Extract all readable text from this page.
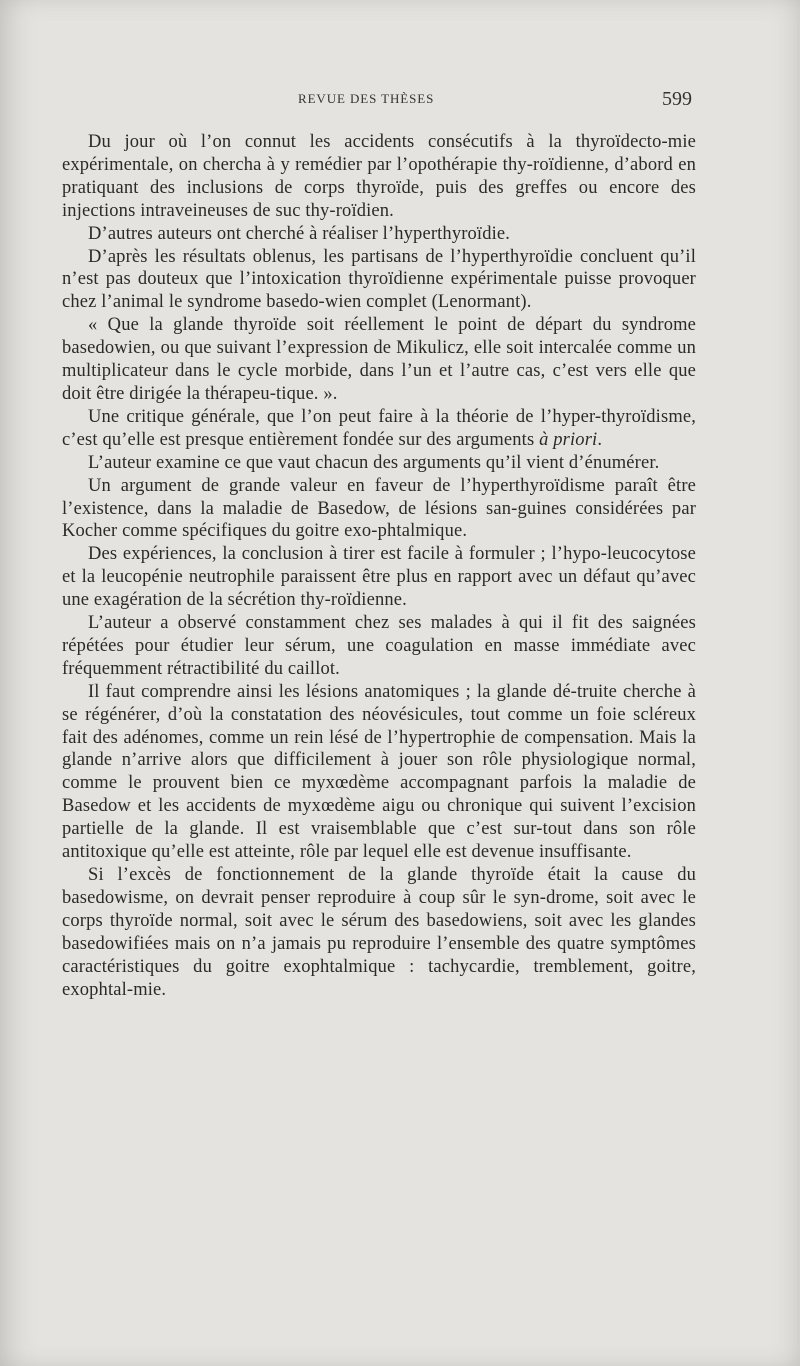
REVUE DES THÈSES	599

Du jour où l’on connut les accidents consécutifs à la thyroïdecto-mie expérimentale, on chercha à y remédier par l’opothérapie thy-roïdienne, d’abord en pratiquant des inclusions de corps thyroïde, puis des greffes ou encore des injections intraveineuses de suc thy-roïdien.

D’autres auteurs ont cherché à réaliser l’hyperthyroïdie.

D’après les résultats oblenus, les partisans de l’hyperthyroïdie concluent qu’il n’est pas douteux que l’intoxication thyroïdienne expérimentale puisse provoquer chez l’animal le syndrome basedo-wien complet (Lenormant).

« Que la glande thyroïde soit réellement le point de départ du syndrome basedowien, ou que suivant l’expression de Mikulicz, elle soit intercalée comme un multiplicateur dans le cycle morbide, dans l’un et l’autre cas, c’est vers elle que doit être dirigée la thérapeu-tique. ».

Une critique générale, que l’on peut faire à la théorie de l’hyper-thyroïdisme, c’est qu’elle est presque entièrement fondée sur des arguments à priori.

L’auteur examine ce que vaut chacun des arguments qu’il vient d’énumérer.

Un argument de grande valeur en faveur de l’hyperthyroïdisme paraît être l’existence, dans la maladie de Basedow, de lésions san-guines considérées par Kocher comme spécifiques du goitre exo-phtalmique.

Des expériences, la conclusion à tirer est facile à formuler ; l’hypo-leucocytose et la leucopénie neutrophile paraissent être plus en rapport avec un défaut qu’avec une exagération de la sécrétion thy-roïdienne.

L’auteur a observé constamment chez ses malades à qui il fit des saignées répétées pour étudier leur sérum, une coagulation en masse immédiate avec fréquemment rétractibilité du caillot.

Il faut comprendre ainsi les lésions anatomiques ; la glande dé-truite cherche à se régénérer, d’où la constatation des néovésicules, tout comme un foie scléreux fait des adénomes, comme un rein lésé de l’hypertrophie de compensation. Mais la glande n’arrive alors que difficilement à jouer son rôle physiologique normal, comme le prouvent bien ce myxœdème accompagnant parfois la maladie de Basedow et les accidents de myxœdème aigu ou chronique qui suivent l’excision partielle de la glande. Il est vraisemblable que c’est sur-tout dans son rôle antitoxique qu’elle est atteinte, rôle par lequel elle est devenue insuffisante.

Si l’excès de fonctionnement de la glande thyroïde était la cause du basedowisme, on devrait penser reproduire à coup sûr le syn-drome, soit avec le corps thyroïde normal, soit avec le sérum des basedowiens, soit avec les glandes basedowifiées mais on n’a jamais pu reproduire l’ensemble des quatre symptômes caractéristiques du goitre exophtalmique : tachycardie, tremblement, goitre, exophtal-mie.
